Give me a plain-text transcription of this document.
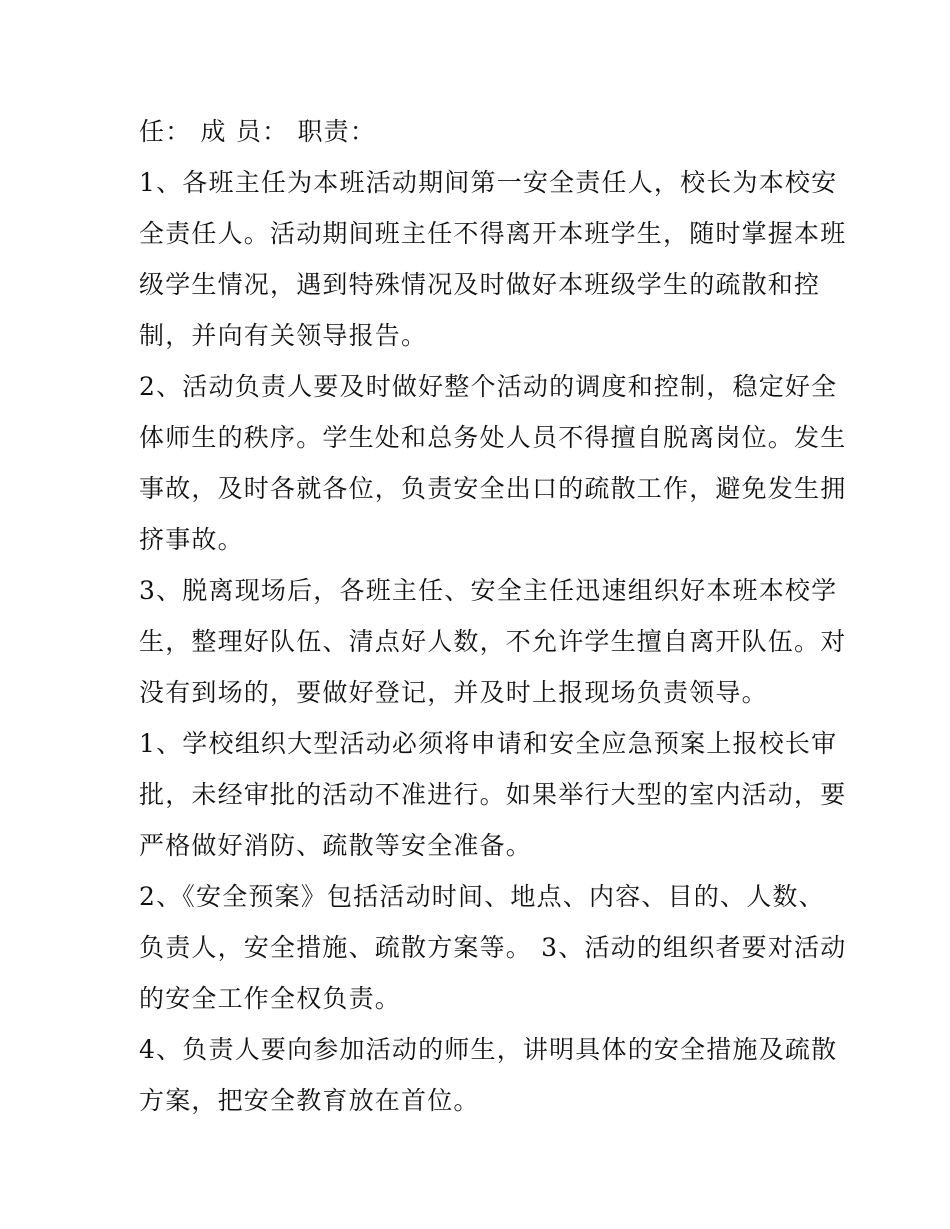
任： 成 员： 职责：
1、各班主任为本班活动期间第一安全责任人，校长为本校安
全责任人。活动期间班主任不得离开本班学生，随时掌握本班
级学生情况，遇到特殊情况及时做好本班级学生的疏散和控
制，并向有关领导报告。
2、活动负责人要及时做好整个活动的调度和控制，稳定好全
体师生的秩序。学生处和总务处人员不得擅自脱离岗位。发生
事故，及时各就各位，负责安全出口的疏散工作，避免发生拥
挤事故。
3、脱离现场后，各班主任、安全主任迅速组织好本班本校学
生，整理好队伍、清点好人数，不允许学生擅自离开队伍。对
没有到场的，要做好登记，并及时上报现场负责领导。
1、学校组织大型活动必须将申请和安全应急预案上报校长审
批，未经审批的活动不准进行。如果举行大型的室内活动，要
严格做好消防、疏散等安全准备。
2、《安全预案》包括活动时间、地点、内容、目的、人数、
负责人，安全措施、疏散方案等。 3、活动的组织者要对活动
的安全工作全权负责。
4、负责人要向参加活动的师生，讲明具体的安全措施及疏散
方案，把安全教育放在首位。
